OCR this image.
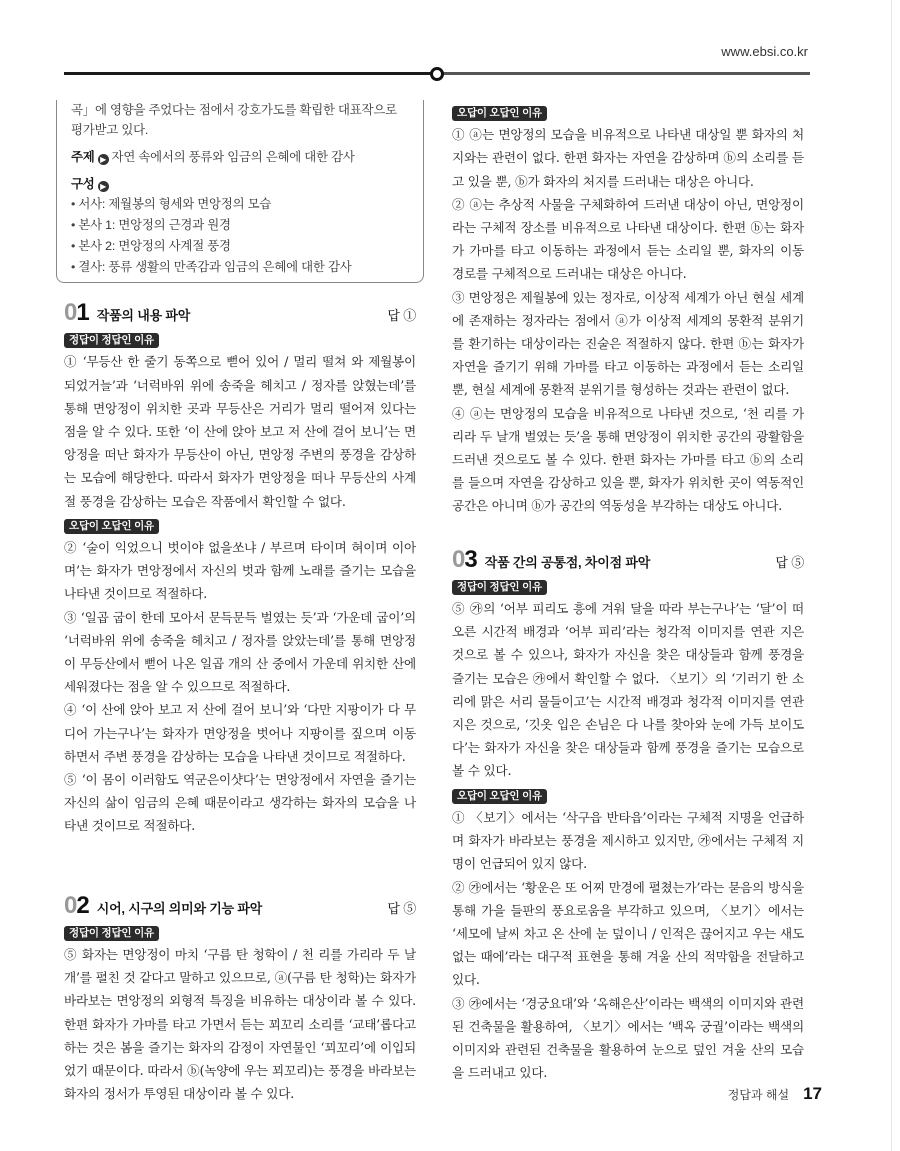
www.ebsi.co.kr

곡」에 영향을 주었다는 점에서 강호가도를 확립한 대표작으로 평가받고 있다.

주제 ▶ 자연 속에서의 풍류와 임금의 은혜에 대한 감사

구성 ▶

• 서사: 제월봉의 형세와 면앙정의 모습
• 본사 1: 면앙정의 근경과 원경
• 본사 2: 면앙정의 사계절 풍경
• 결사: 풍류 생활의 만족감과 임금의 은혜에 대한 감사
01 작품의 내용 파악	답 ①
정답이 정답인 이유

① ‘무등산 한 줄기 동쪽으로 뻗어 있어 / 멀리 떨쳐 와 제월봉이 되었거늘’과 ‘너럭바위 위에 송죽을 헤치고 / 정자를 앉혔는데’를 통해 면앙정이 위치한 곳과 무등산은 거리가 멀리 떨어져 있다는 점을 알 수 있다. 또한 ‘이 산에 앉아 보고 저 산에 걸어 보니’는 면앙정을 떠난 화자가 무등산이 아닌, 면앙정 주변의 풍경을 감상하는 모습에 해당한다. 따라서 화자가 면앙정을 떠나 무등산의 사계절 풍경을 감상하는 모습은 작품에서 확인할 수 없다.

오답이 오답인 이유

② ‘술이 익었으니 벗이야 없을쏘냐 / 부르며 타이며 혀이며 이아며’는 화자가 면앙정에서 자신의 벗과 함께 노래를 즐기는 모습을 나타낸 것이므로 적절하다.

③ ‘일곱 굽이 한데 모아서 문득문득 벌였는 듯’과 ‘가운데 굽이’의 ‘너럭바위 위에 송죽을 헤치고 / 정자를 앉았는데’를 통해 면앙정이 무등산에서 뻗어 나온 일곱 개의 산 중에서 가운데 위치한 산에 세워졌다는 점을 알 수 있으므로 적절하다.

④ ‘이 산에 앉아 보고 저 산에 걸어 보니’와 ‘다만 지팡이가 다 무디어 가는구나’는 화자가 면앙정을 벗어나 지팡이를 짚으며 이동하면서 주변 풍경을 감상하는 모습을 나타낸 것이므로 적절하다.

⑤ ‘이 몸이 이러함도 역군은이샷다’는 면앙정에서 자연을 즐기는 자신의 삶이 임금의 은혜 때문이라고 생각하는 화자의 모습을 나타낸 것이므로 적절하다.

02 시어, 시구의 의미와 기능 파악	답 ⑤
정답이 정답인 이유

⑤ 화자는 면앙정이 마치 ‘구름 탄 청학이 / 천 리를 가리라 두 날개’를 펼친 것 같다고 말하고 있으므로, ⓐ(구름 탄 청학)는 화자가 바라보는 면앙정의 외형적 특징을 비유하는 대상이라 볼 수 있다. 한편 화자가 가마를 타고 가면서 듣는 꾀꼬리 소리를 ‘교태’롭다고 하는 것은 봄을 즐기는 화자의 감정이 자연물인 ‘꾀꼬리’에 이입되었기 때문이다. 따라서 ⓑ(녹양에 우는 꾀꼬리)는 풍경을 바라보는 화자의 정서가 투영된 대상이라 볼 수 있다.

오답이 오답인 이유

① ⓐ는 면앙정의 모습을 비유적으로 나타낸 대상일 뿐 화자의 처지와는 관련이 없다. 한편 화자는 자연을 감상하며 ⓑ의 소리를 듣고 있을 뿐, ⓑ가 화자의 처지를 드러내는 대상은 아니다.

② ⓐ는 추상적 사물을 구체화하여 드러낸 대상이 아닌, 면앙정이라는 구체적 장소를 비유적으로 나타낸 대상이다. 한편 ⓑ는 화자가 가마를 타고 이동하는 과정에서 듣는 소리일 뿐, 화자의 이동 경로를 구체적으로 드러내는 대상은 아니다.

③ 면앙정은 제월봉에 있는 정자로, 이상적 세계가 아닌 현실 세계에 존재하는 정자라는 점에서 ⓐ가 이상적 세계의 몽환적 분위기를 환기하는 대상이라는 진술은 적절하지 않다. 한편 ⓑ는 화자가 자연을 즐기기 위해 가마를 타고 이동하는 과정에서 듣는 소리일 뿐, 현실 세계에 몽환적 분위기를 형성하는 것과는 관련이 없다.

④ ⓐ는 면앙정의 모습을 비유적으로 나타낸 것으로, ‘천 리를 가리라 두 날개 벌였는 듯’을 통해 면앙정이 위치한 공간의 광활함을 드러낸 것으로도 볼 수 있다. 한편 화자는 가마를 타고 ⓑ의 소리를 들으며 자연을 감상하고 있을 뿐, 화자가 위치한 곳이 역동적인 공간은 아니며 ⓑ가 공간의 역동성을 부각하는 대상도 아니다.

03 작품 간의 공통점, 차이점 파악	답 ⑤
정답이 정답인 이유

⑤ ㉮의 ‘어부 피리도 흥에 겨워 달을 따라 부는구나’는 ‘달’이 떠오른 시간적 배경과 ‘어부 피리’라는 청각적 이미지를 연관 지은 것으로 볼 수 있으나, 화자가 자신을 찾은 대상들과 함께 풍경을 즐기는 모습은 ㉮에서 확인할 수 없다. 〈보기〉의 ‘기러기 한 소리에 맑은 서리 물들이고’는 시간적 배경과 청각적 이미지를 연관 지은 것으로, ‘깃옷 입은 손님은 다 나를 찾아와 눈에 가득 보이도다’는 화자가 자신을 찾은 대상들과 함께 풍경을 즐기는 모습으로 볼 수 있다.

오답이 오답인 이유

① 〈보기〉에서는 ‘삭구읍 반타읍’이라는 구체적 지명을 언급하며 화자가 바라보는 풍경을 제시하고 있지만, ㉮에서는 구체적 지명이 언급되어 있지 않다.

② ㉮에서는 ‘황운은 또 어찌 만경에 펼쳤는가’라는 묻음의 방식을 통해 가을 들판의 풍요로움을 부각하고 있으며, 〈보기〉에서는 ‘세모에 날씨 차고 온 산에 눈 덮이니 / 인적은 끊어지고 우는 새도 없는 때에’라는 대구적 표현을 통해 겨울 산의 적막함을 전달하고 있다.

③ ㉮에서는 ‘경궁요대’와 ‘옥해은산’이라는 백색의 이미지와 관련된 건축물을 활용하여, 〈보기〉에서는 ‘백옥 궁궐’이라는 백색의 이미지와 관련된 건축물을 활용하여 눈으로 덮인 겨울 산의 모습을 드러내고 있다.

정답과 해설 17
